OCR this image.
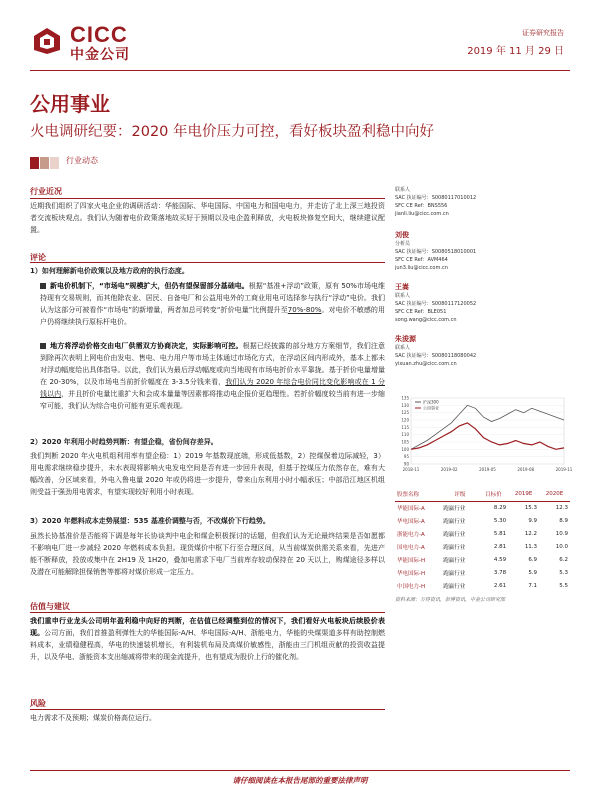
CICC
中金公司
证券研究报告
2019 年 11 月 29 日
公用事业
火电调研纪要：2020 年电价压力可控，看好板块盈利稳中向好
行业动态
行业近况
近期我们组织了四家火电企业的调研活动：华能国际、华电国际、中国电力和国电电力，并走访了北上深三地投资者交流板块观点。我们认为随着电价政策落地故买好于预期以及电企盈利释放，火电板块修复空间大，继续建议配置。
评论
1）如何理解新电价政策以及地方政府的执行态度。
新电价机制下，“市场电”规模扩大，但仍有望保留部分基础电。根据“基准+浮动”政策，原有 50%市场电维持现有交易规则，而其他除农业、居民、自备电厂和公益用电外的工商业用电可选择参与执行“浮动”电价。我们认为这部分可被看作“市场电”的新增量，两者加总可转变“折价电量”比例提升至70%-80%。对电价不敏感的用户仍将继续执行原标杆电价。
地方将浮动价格交由电厂供需双方协商决定，实际影响可控。根据已经披露的部分地方方案细节，我们注意到除再次表明上网电价由发电、售电、电力用户等市场主体通过市场化方式，在浮动区间内形成外，基本上都未对浮动幅度给出具体指导。以此，我们认为最后浮动幅度或向当地现有市场电折价水平靠拢。基于折价电量增量在 20-30%，以及市场电当前折价幅度在 3-3.5分钱来看，我们认为 2020 年综合电价同比变化影响或在 1 分钱以内，并且折价电量比重扩大和会成本量量等因素都将推动电企报价更趋理性。若折价幅度较当前有进一步缩窄可能，我们认为综合电价可能有更乐观表现。
2）2020 年利用小时趋势判断：有望企稳，省份间存差异。
我们判断 2020 年火电机组利用率有望企稳：1）2019 年基数现底端，形成低基数，2）控煤保着边际减轻，3）用电需求继续稳步提升，未水表现将影响火电发电空间是否有进一步回升表现，但基于控煤压力依然存在，难有大幅改善，分区域来看，外电入鲁电量 2020 年或仍将进一步提升，带来山东利用小时小幅承压；中部沿江地区机组则受益于强劲用电需求，有望实现较好利用小时表现。
3）2020 年燃料成本走势展望：535 基准价调整与否，不改煤价下行趋势。
虽然长协基准价是否能将下调是每年长协谈判中电企和煤企积极探讨的话题，但我们认为无论最终结果是否如愿都不影响电厂进一步减轻 2020 年燃料成本负担。现货煤价中枢下行至合理区间，从当前煤炭供需关系来看，先进产能不断释放，投放或集中在 2H19 及 1H20，叠加电需求下电厂当前库存较动保持在 20 天以上，购煤途径多样以及潜在可能解除担保销售等都将对煤价形成一定压力。
估值与建议
我们重申行业龙头公司明年盈利稳中向好的判断，在估值已经调整到位的情况下，我们看好火电板块后续股价表现。公司方面，我们首推盈利弹性大的华能国际-A/H、华电国际-A/H、浙能电力，华能的央煤渠道多样有助控制燃料成本，业绩稳健程高，华电的快速装机增长，有利装机布局及高煤价敏感性，浙能由三门机组贡献的投资收益提升，以及华电、浙能资本支出缩减将带来的现金流提升，也有望成为股价上行的催化剂。
风险
电力需求不及预期；煤炭价格高位运行。
联系人
SAC 执证编号：S0080117010012
SFC CE Ref：BNS556
jianli.liu@cicc.com.cn
刘俊
分析员
SAC 执证编号：S0080518010001
SFC CE Ref：AVM464
jun3.liu@cicc.com.cn
王嵩
联系人
SAC 执证编号：S0080117120052
SFC CE Ref：BLE051
song.wang@cicc.com.cn
朱浚源
联系人
SAC 执证编号：S0080118080042
yixuan.zhu@cicc.com.cn
90
95
100
105
110
115
120
125
130
135
2018-11	2019-02	2019-05	2019-08	2019-11
沪深300
公用事业
股票名称	评级	目标价	2019E	2020E
华能国际-A	跑赢行业	8.29	15.3	12.3
华电国际-A	跑赢行业	5.30	9.9	8.9
浙能电力-A	跑赢行业	5.81	12.2	10.9
国电电力-A	跑赢行业	2.81	11.3	10.0
华能国际-H	跑赢行业	4.59	6.9	6.2
华电国际-H	跑赢行业	3.78	5.9	5.3
中国电力-H	跑赢行业	2.61	7.1	5.5
资料来源：万得资讯，彭博资讯，中金公司研究部
请仔细阅读在本报告尾部的重要法律声明
